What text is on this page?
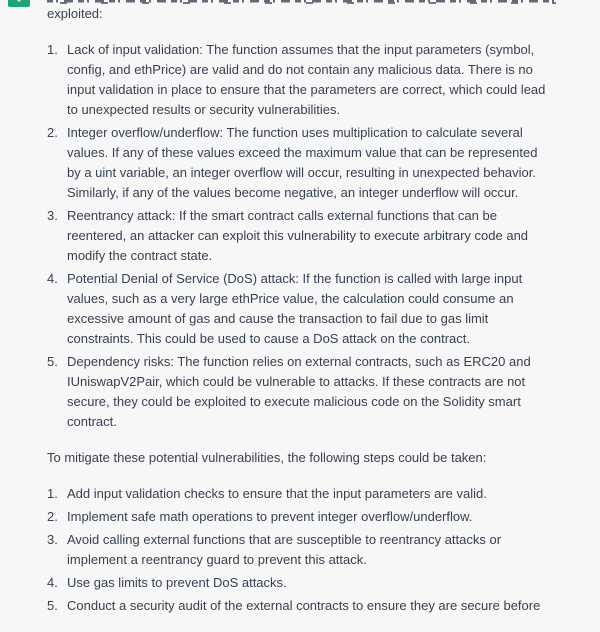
exploited:

Lack of input validation: The function assumes that the input parameters (symbol, config, and ethPrice) are valid and do not contain any malicious data. There is no input validation in place to ensure that the parameters are correct, which could lead to unexpected results or security vulnerabilities.
Integer overflow/underflow: The function uses multiplication to calculate several values. If any of these values exceed the maximum value that can be represented by a uint variable, an integer overflow will occur, resulting in unexpected behavior. Similarly, if any of the values become negative, an integer underflow will occur.
Reentrancy attack: If the smart contract calls external functions that can be reentered, an attacker can exploit this vulnerability to execute arbitrary code and modify the contract state.
Potential Denial of Service (DoS) attack: If the function is called with large input values, such as a very large ethPrice value, the calculation could consume an excessive amount of gas and cause the transaction to fail due to gas limit constraints. This could be used to cause a DoS attack on the contract.
Dependency risks: The function relies on external contracts, such as ERC20 and IUniswapV2Pair, which could be vulnerable to attacks. If these contracts are not secure, they could be exploited to execute malicious code on the Solidity smart contract.

To mitigate these potential vulnerabilities, the following steps could be taken:

Add input validation checks to ensure that the input parameters are valid.
Implement safe math operations to prevent integer overflow/underflow.
Avoid calling external functions that are susceptible to reentrancy attacks or implement a reentrancy guard to prevent this attack.
Use gas limits to prevent DoS attacks.
Conduct a security audit of the external contracts to ensure they are secure before
